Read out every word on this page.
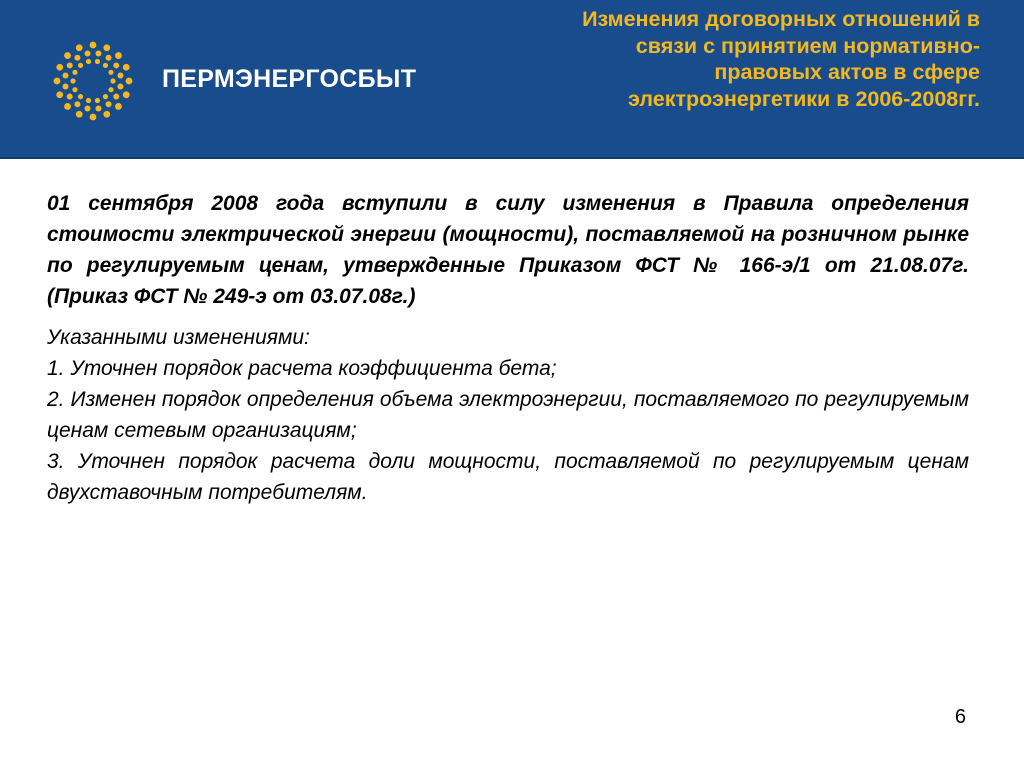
ПЕРМЭНЕРГОСБЫТ
Изменения договорных отношений в
связи с принятием нормативно-
правовых актов в сфере
электроэнергетики в 2006-2008гг.

01 сентября 2008 года вступили в силу изменения в Правила определения стоимости электрической энергии (мощности), поставляемой на розничном рынке по регулируемым ценам, утвержденные Приказом ФСТ № 166-э/1 от 21.08.07г. (Приказ ФСТ № 249-э от 03.07.08г.)

Указанными изменениями:

1. Уточнен порядок расчета коэффициента бета;

2. Изменен порядок определения объема электроэнергии, поставляемого по регулируемым ценам сетевым организациям;

3. Уточнен порядок расчета доли мощности, поставляемой по регулируемым ценам двухставочным потребителям.

6
